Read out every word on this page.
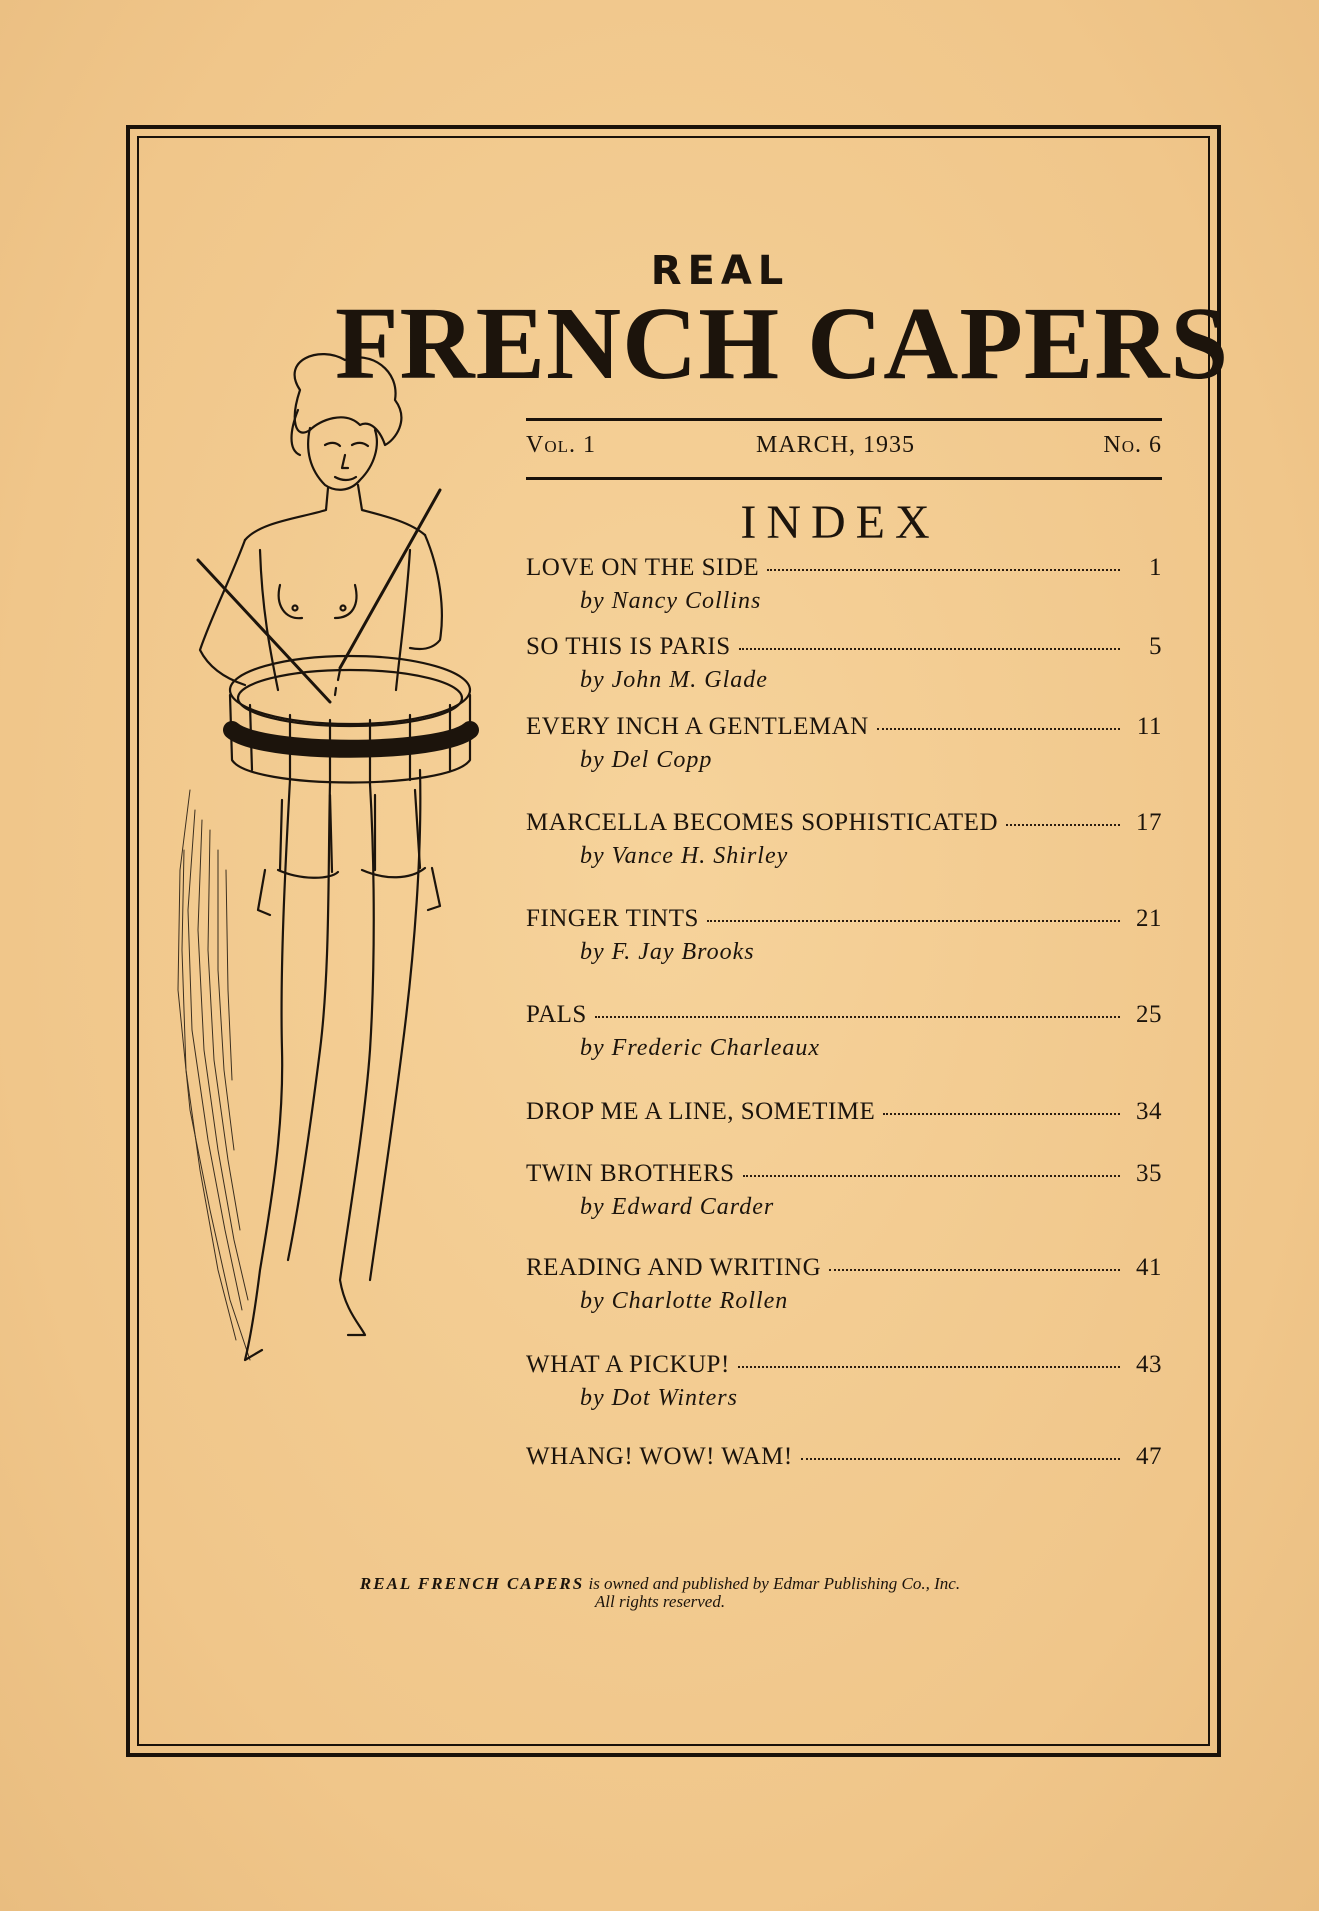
REAL
FRENCH CAPERS
Vol. 1	MARCH, 1935	No. 6
INDEX
LOVE ON THE SIDE	1
by Nancy Collins
SO THIS IS PARIS	5
by John M. Glade
EVERY INCH A GENTLEMAN	11
by Del Copp
MARCELLA BECOMES SOPHISTICATED	17
by Vance H. Shirley
FINGER TINTS	21
by F. Jay Brooks
PALS	25
by Frederic Charleaux
DROP ME A LINE, SOMETIME	34
TWIN BROTHERS	35
by Edward Carder
READING AND WRITING	41
by Charlotte Rollen
WHAT A PICKUP!	43
by Dot Winters
WHANG! WOW! WAM!	47
REAL FRENCH CAPERS is owned and published by Edmar Publishing Co., Inc.
All rights reserved.
